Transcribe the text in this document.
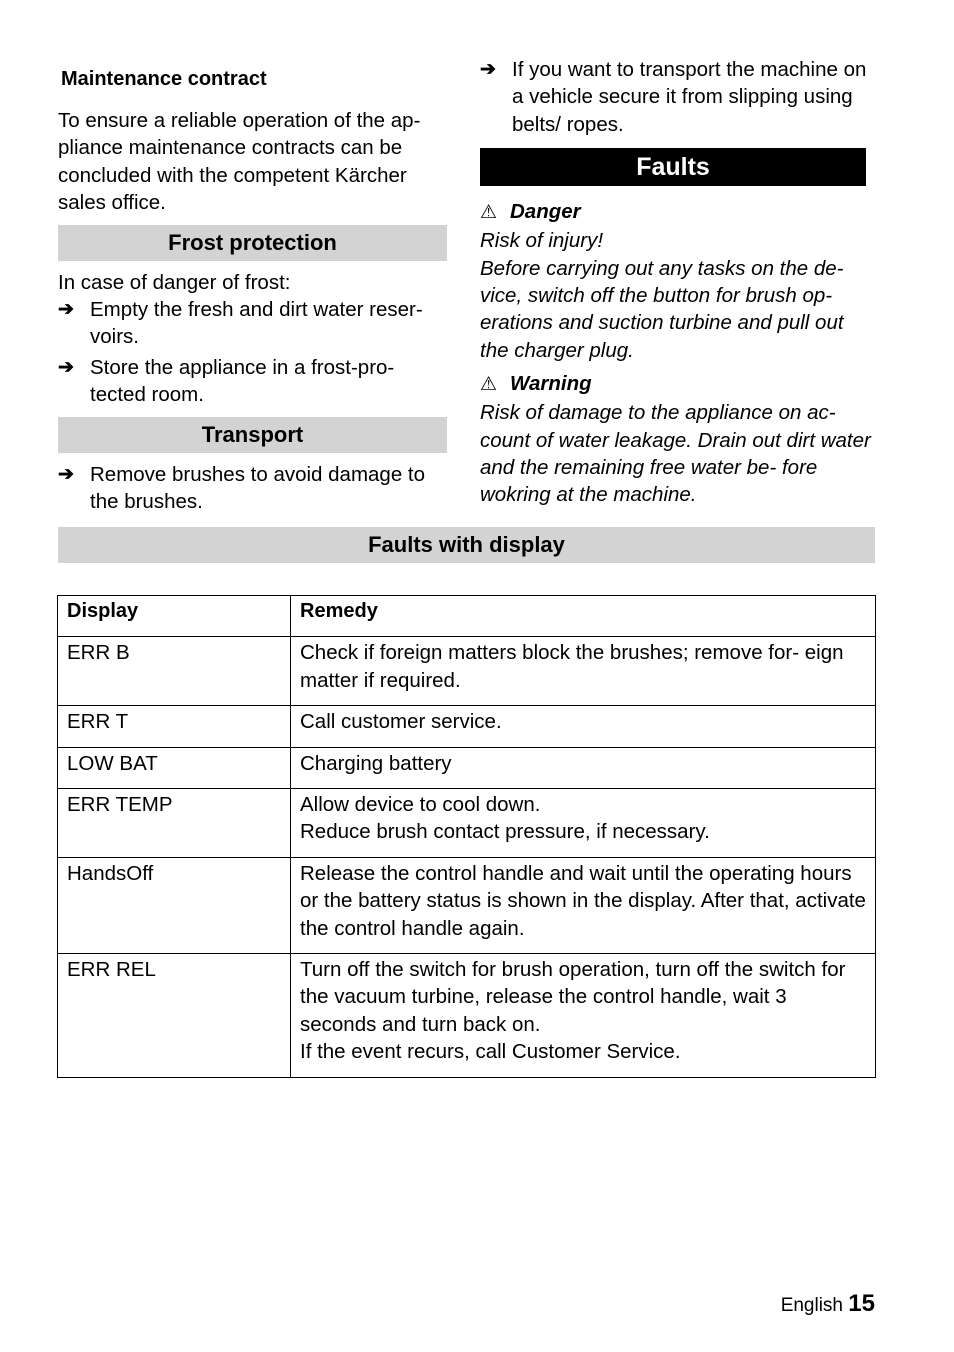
Maintenance contract

To ensure a reliable operation of the ap- pliance maintenance contracts can be concluded with the competent Kärcher sales office.

Frost protection

In case of danger of frost:

➔ Empty the fresh and dirt water reser- voirs.
➔ Store the appliance in a frost-pro- tected room.
Transport
➔ Remove brushes to avoid damage to the brushes.
➔ If you want to transport the machine on a vehicle secure it from slipping using belts/ ropes.
Faults
⚠ Danger
Risk of injury!
Before carrying out any tasks on the de- vice, switch off the button for brush op- erations and suction turbine and pull out the charger plug.
⚠ Warning
Risk of damage to the appliance on ac- count of water leakage. Drain out dirt water and the remaining free water be- fore wokring at the machine.
Faults with display
Display	Remedy
ERR B	Check if foreign matters block the brushes; remove for- eign matter if required.

ERR T	Call customer service.

LOW BAT	Charging battery

ERR TEMP	Allow device to cool down.
Reduce brush contact pressure, if necessary.

HandsOff	Release the control handle and wait until the operating hours or the battery status is shown in the display. After that, activate the control handle again.

ERR REL	Turn off the switch for brush operation, turn off the switch for the vacuum turbine, release the control handle, wait 3 seconds and turn back on.
If the event recurs, call Customer Service.
English 15
